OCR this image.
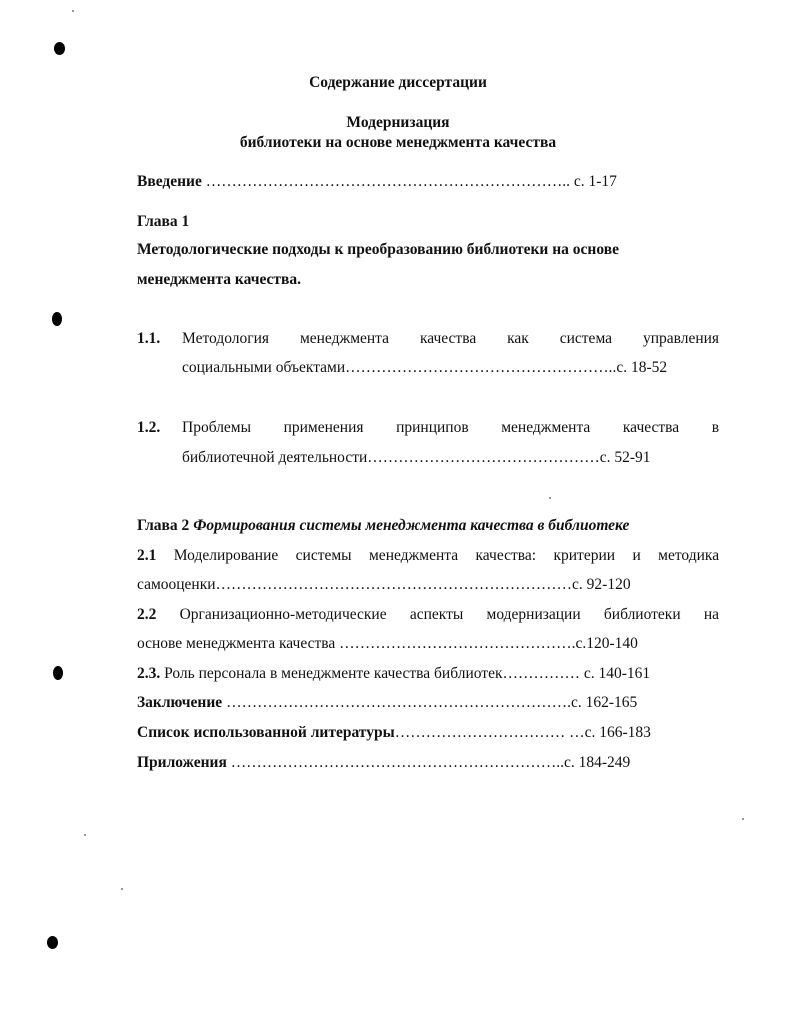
Содержание диссертации
Модернизация
библиотеки на основе менеджмента качества
Введение …………………………………………………………….. с. 1-17
Глава 1
Методологические подходы к преобразованию библиотеки на основе
менеджмента качества.
1.1. Методология менеджмента качества как система управления
социальными объектами……………………………………………..с. 18-52
1.2. Проблемы применения принципов менеджмента качества в
библиотечной деятельности………………………………………с. 52-91
Глава 2 Формирования системы менеджмента качества в библиотеке
2.1 Моделирование системы менеджмента качества: критерии и методика
самооценки……………………………………………………………с. 92-120
2.2 Организационно-методические аспекты модернизации библиотеки на
основе менеджмента качества ……………………………………….с.120-140
2.3. Роль персонала в менеджменте качества библиотек…………… с. 140-161
Заключение ………………………………………………………….с. 162-165
Список использованной литературы…………………………… …с. 166-183
Приложения ………………………………………………………..с. 184-249
